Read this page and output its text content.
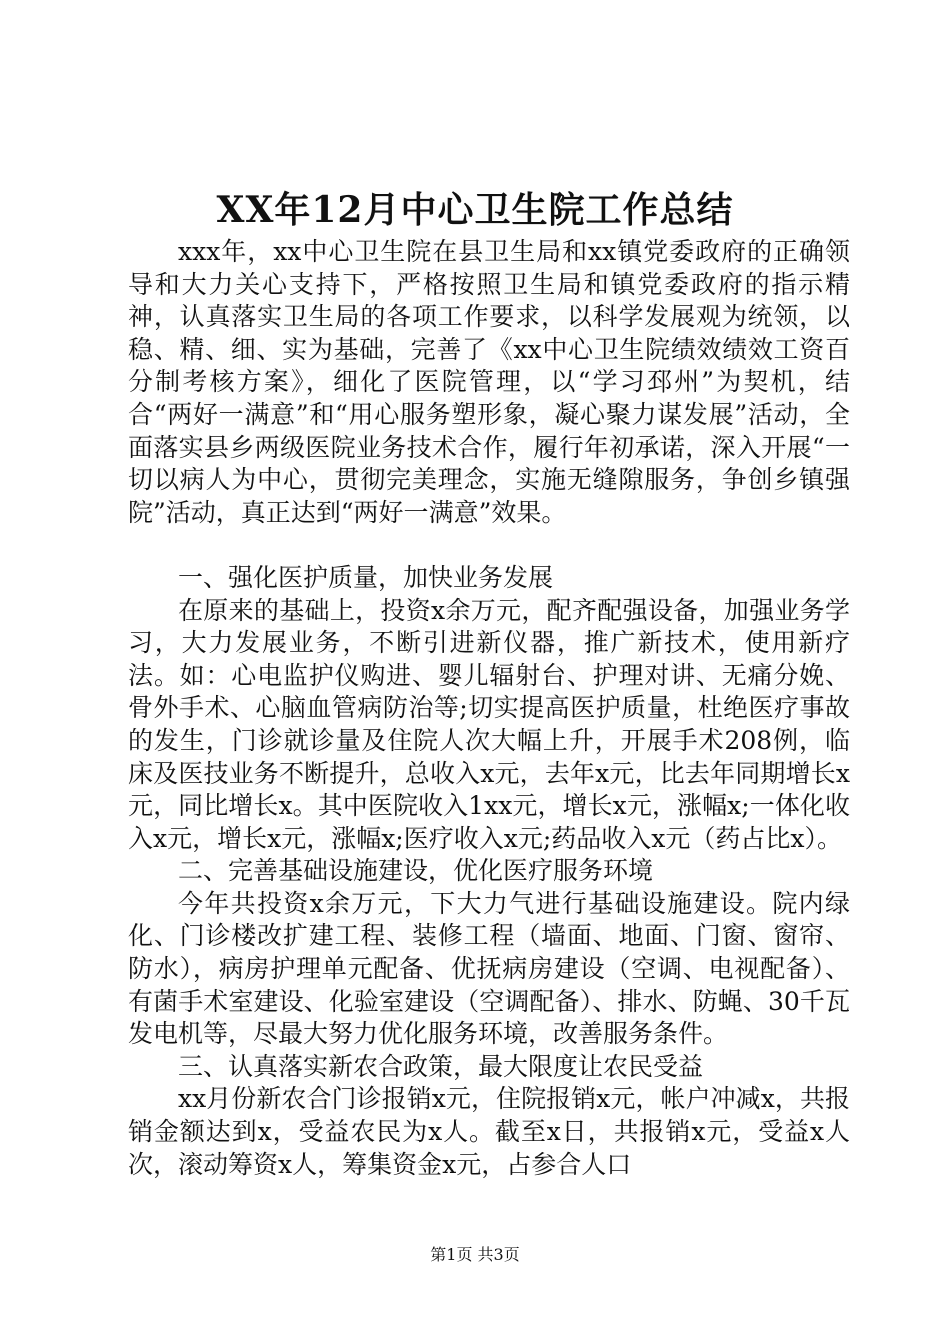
XX年12月中心卫生院工作总结

xxx年，xx中心卫生院在县卫生局和xx镇党委政府的正确领导和大力关心支持下，严格按照卫生局和镇党委政府的指示精神，认真落实卫生局的各项工作要求，以科学发展观为统领，以稳、精、细、实为基础，完善了《xx中心卫生院绩效绩效工资百分制考核方案》，细化了医院管理，以“学习邳州”为契机，结合“两好一满意”和“用心服务塑形象，凝心聚力谋发展”活动，全面落实县乡两级医院业务技术合作，履行年初承诺，深入开展“一切以病人为中心，贯彻完美理念，实施无缝隙服务，争创乡镇强院”活动，真正达到“两好一满意”效果。

一、强化医护质量，加快业务发展

在原来的基础上，投资x余万元，配齐配强设备，加强业务学习，大力发展业务，不断引进新仪器，推广新技术，使用新疗法。如：心电监护仪购进、婴儿辐射台、护理对讲、无痛分娩、骨外手术、心脑血管病防治等;切实提高医护质量，杜绝医疗事故的发生，门诊就诊量及住院人次大幅上升，开展手术208例，临床及医技业务不断提升，总收入x元，去年x元，比去年同期增长x元，同比增长x。其中医院收入1xx元，增长x元，涨幅x;一体化收入x元，增长x元，涨幅x;医疗收入x元;药品收入x元（药占比x）。

二、完善基础设施建设，优化医疗服务环境

今年共投资x余万元，下大力气进行基础设施建设。院内绿化、门诊楼改扩建工程、装修工程（墙面、地面、门窗、窗帘、防水），病房护理单元配备、优抚病房建设（空调、电视配备）、有菌手术室建设、化验室建设（空调配备）、排水、防蝇、30千瓦发电机等，尽最大努力优化服务环境，改善服务条件。

三、认真落实新农合政策，最大限度让农民受益

xx月份新农合门诊报销x元，住院报销x元，帐户冲减x，共报销金额达到x，受益农民为x人。截至x日，共报销x元，受益x人次，滚动筹资x人，筹集资金x元，占参合人口

第1页 共3页
